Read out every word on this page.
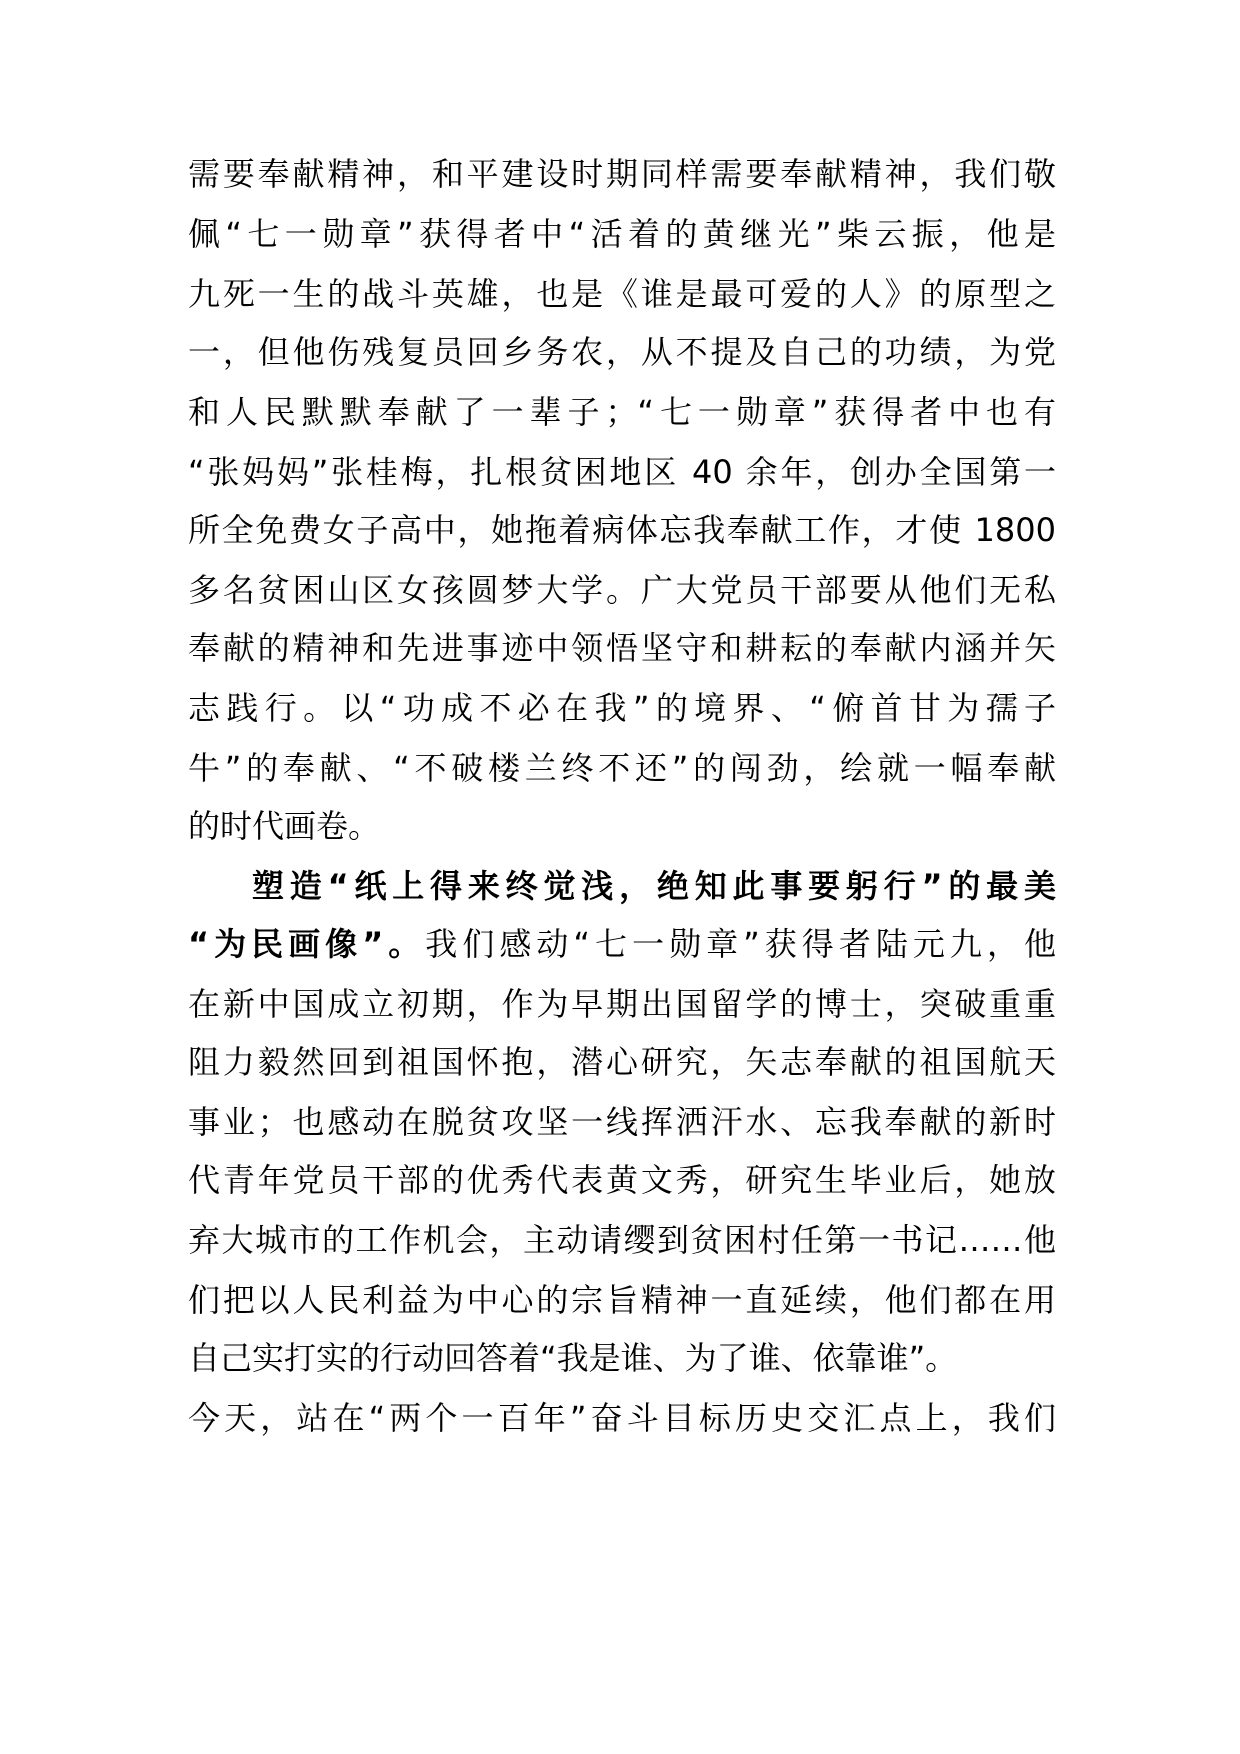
需要奉献精神，和平建设时期同样需要奉献精神，我们敬
佩“七一勋章”获得者中“活着的黄继光”柴云振，他是
九死一生的战斗英雄，也是《谁是最可爱的人》的原型之
一，但他伤残复员回乡务农，从不提及自己的功绩，为党
和人民默默奉献了一辈子；“七一勋章”获得者中也有
“张妈妈”张桂梅，扎根贫困地区 40 余年，创办全国第一
所全免费女子高中，她拖着病体忘我奉献工作，才使 1800
多名贫困山区女孩圆梦大学。广大党员干部要从他们无私
奉献的精神和先进事迹中领悟坚守和耕耘的奉献内涵并矢
志践行。以“功成不必在我”的境界、“俯首甘为孺子
牛”的奉献、“不破楼兰终不还”的闯劲，绘就一幅奉献
的时代画卷。
塑造“纸上得来终觉浅，绝知此事要躬行”的最美
“为民画像”。我们感动“七一勋章”获得者陆元九，他
在新中国成立初期，作为早期出国留学的博士，突破重重
阻力毅然回到祖国怀抱，潜心研究，矢志奉献的祖国航天
事业；也感动在脱贫攻坚一线挥洒汗水、忘我奉献的新时
代青年党员干部的优秀代表黄文秀，研究生毕业后，她放
弃大城市的工作机会，主动请缨到贫困村任第一书记……他
们把以人民利益为中心的宗旨精神一直延续，他们都在用
自己实打实的行动回答着“我是谁、为了谁、依靠谁”。
今天，站在“两个一百年”奋斗目标历史交汇点上，我们
